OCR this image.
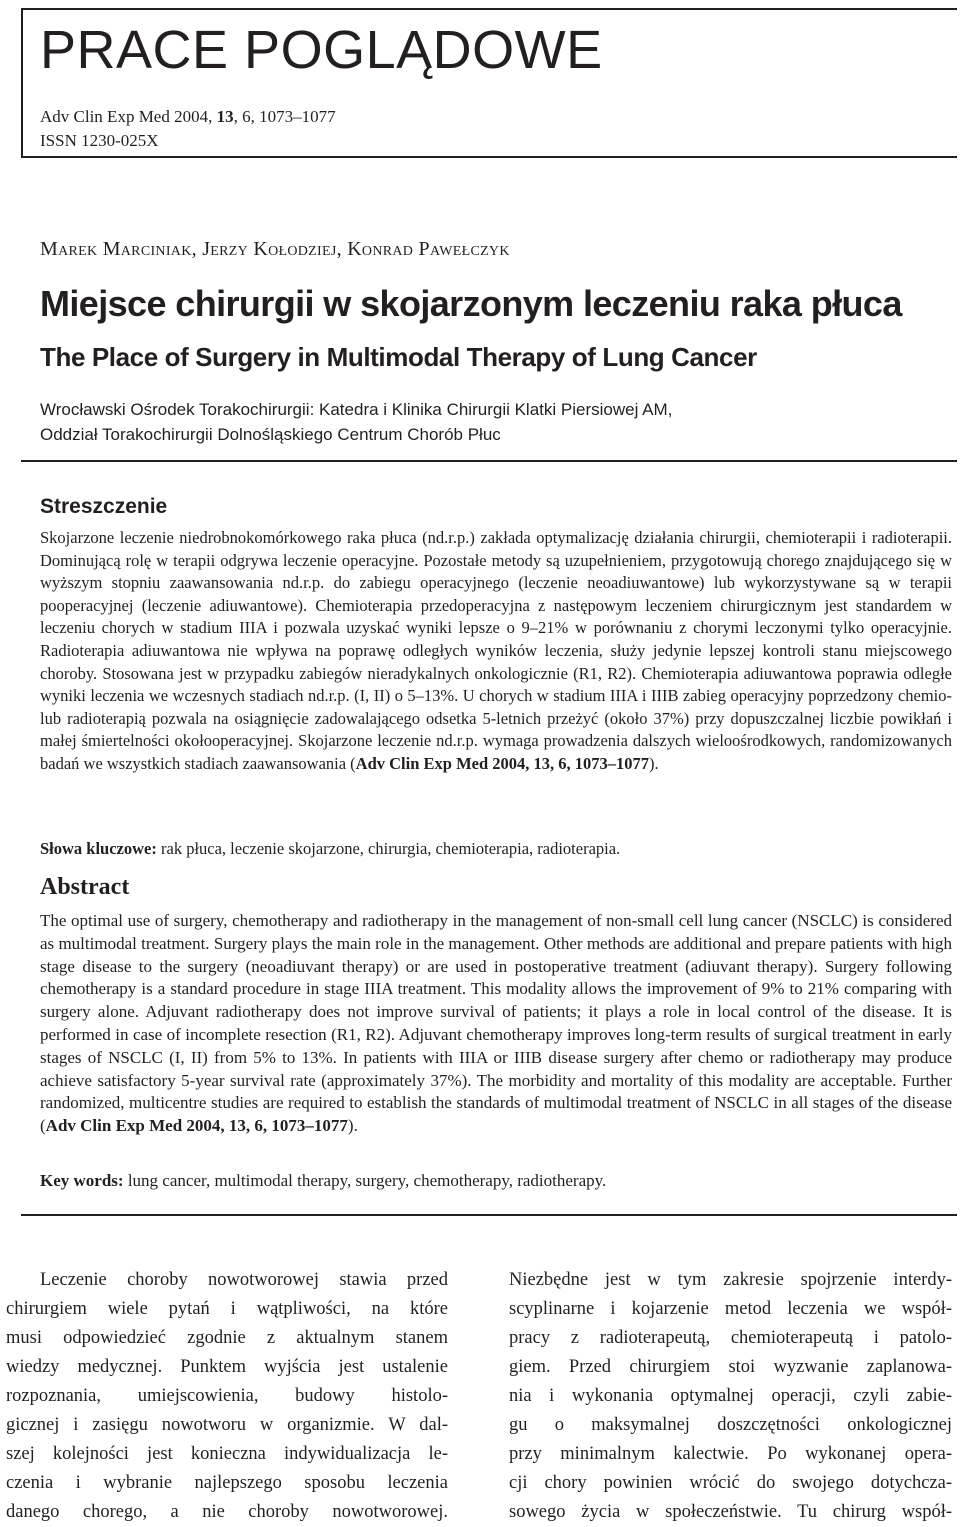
PRACE POGLĄDOWE
Adv Clin Exp Med 2004, 13, 6, 1073–1077
ISSN 1230-025X
Marek Marciniak, Jerzy Kołodziej, Konrad Pawełczyk
Miejsce chirurgii w skojarzonym leczeniu raka płuca
The Place of Surgery in Multimodal Therapy of Lung Cancer
Wrocławski Ośrodek Torakochirurgii: Katedra i Klinika Chirurgii Klatki Piersiowej AM,
Oddział Torakochirurgii Dolnośląskiego Centrum Chorób Płuc
Streszczenie
Skojarzone leczenie niedrobnokomórkowego raka płuca (nd.r.p.) zakłada optymalizację działania chirurgii, chemioterapii i radioterapii. Dominującą rolę w terapii odgrywa leczenie operacyjne. Pozostałe metody są uzupełnieniem, przygotowują chorego znajdującego się w wyższym stopniu zaawansowania nd.r.p. do zabiegu operacyjnego (leczenie neoadiuwantowe) lub wykorzystywane są w terapii pooperacyjnej (leczenie adiuwantowe). Chemioterapia przedoperacyjna z następowym leczeniem chirurgicznym jest standardem w leczeniu chorych w stadium IIIA i pozwala uzyskać wyniki lepsze o 9–21% w porównaniu z chorymi leczonymi tylko operacyjnie. Radioterapia adiuwantowa nie wpływa na poprawę odległych wyników leczenia, służy jedynie lepszej kontroli stanu miejscowego choroby. Stosowana jest w przypadku zabiegów nieradykalnych onkologicznie (R1, R2). Chemioterapia adiuwantowa poprawia odległe wyniki leczenia we wczesnych stadiach nd.r.p. (I, II) o 5–13%. U chorych w stadium IIIA i IIIB zabieg operacyjny poprzedzony chemio- lub radioterapią pozwala na osiągnięcie zadowalającego odsetka 5-letnich przeżyć (około 37%) przy dopuszczalnej liczbie powikłań i małej śmiertelności okołooperacyjnej. Skojarzone leczenie nd.r.p. wymaga prowadzenia dalszych wieloośrodkowych, randomizowanych badań we wszystkich stadiach zaawansowania (Adv Clin Exp Med 2004, 13, 6, 1073–1077).
Słowa kluczowe: rak płuca, leczenie skojarzone, chirurgia, chemioterapia, radioterapia.
Abstract
The optimal use of surgery, chemotherapy and radiotherapy in the management of non-small cell lung cancer (NSCLC) is considered as multimodal treatment. Surgery plays the main role in the management. Other methods are additional and prepare patients with high stage disease to the surgery (neoadiuvant therapy) or are used in postoperative treatment (adiuvant therapy). Surgery following chemotherapy is a standard procedure in stage IIIA treatment. This modality allows the improvement of 9% to 21% comparing with surgery alone. Adjuvant radiotherapy does not improve survival of patients; it plays a role in local control of the disease. It is performed in case of incomplete resection (R1, R2). Adjuvant chemotherapy improves long-term results of surgical treatment in early stages of NSCLC (I, II) from 5% to 13%. In patients with IIIA or IIIB disease surgery after chemo or radiotherapy may produce achieve satisfactory 5-year survival rate (approximately 37%). The morbidity and mortality of this modality are acceptable. Further randomized, multicentre studies are required to establish the standards of multimodal treatment of NSCLC in all stages of the disease (Adv Clin Exp Med 2004, 13, 6, 1073–1077).
Key words: lung cancer, multimodal therapy, surgery, chemotherapy, radiotherapy.
Leczenie choroby nowotworowej stawia przed
chirurgiem wiele pytań i wątpliwości, na które
musi odpowiedzieć zgodnie z aktualnym stanem
wiedzy medycznej. Punktem wyjścia jest ustalenie
rozpoznania, umiejscowienia, budowy histolo-
gicznej i zasięgu nowotworu w organizmie. W dal-
szej kolejności jest konieczna indywidualizacja le-
czenia i wybranie najlepszego sposobu leczenia
danego chorego, a nie choroby nowotworowej.
Niezbędne jest w tym zakresie spojrzenie interdy-
scyplinarne i kojarzenie metod leczenia we współ-
pracy z radioterapeutą, chemioterapeutą i patolo-
giem. Przed chirurgiem stoi wyzwanie zaplanowa-
nia i wykonania optymalnej operacji, czyli zabie-
gu o maksymalnej doszczętności onkologicznej
przy minimalnym kalectwie. Po wykonanej opera-
cji chory powinien wrócić do swojego dotychcza-
sowego życia w społeczeństwie. Tu chirurg współ-
